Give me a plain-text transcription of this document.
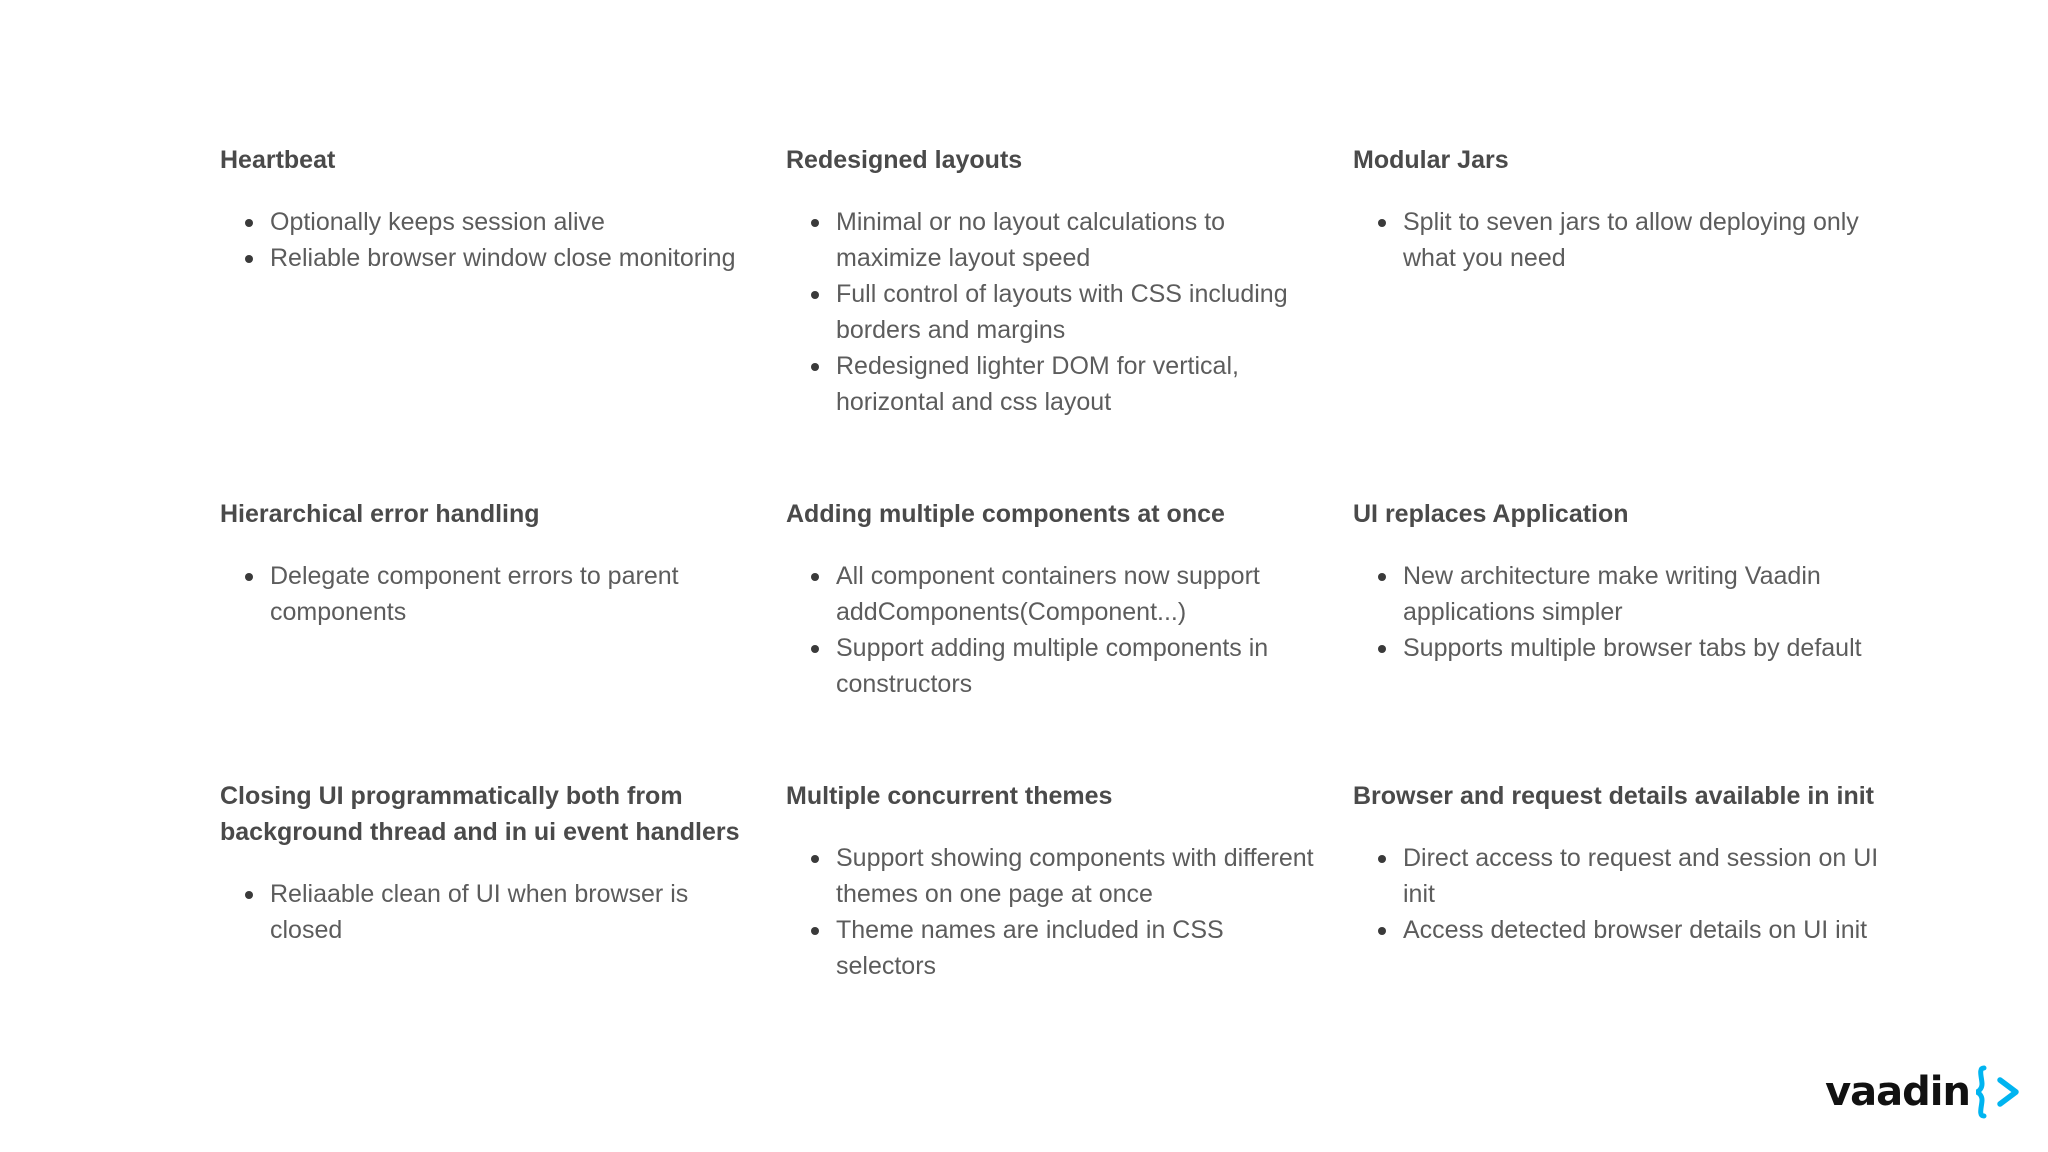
Heartbeat
Optionally keeps session alive
Reliable browser window close monitoring
Redesigned layouts
Minimal or no layout calculations to maximize layout speed
Full control of layouts with CSS including borders and margins
Redesigned lighter DOM for vertical, horizontal and css layout
Modular Jars
Split to seven jars to allow deploying only what you need
Hierarchical error handling
Delegate component errors to parent components
Adding multiple components at once
All component containers now support addComponents(Component...)
Support adding multiple components in constructors
UI replaces Application
New architecture make writing Vaadin applications simpler
Supports multiple browser tabs by default
Closing UI programmatically both from background thread and in ui event handlers
Reliaable clean of UI when browser is closed
Multiple concurrent themes
Support showing components with different themes on one page at once
Theme names are included in CSS selectors
Browser and request details available in init
Direct access to request and session on UI init
Access detected browser details on UI init
vaadin
